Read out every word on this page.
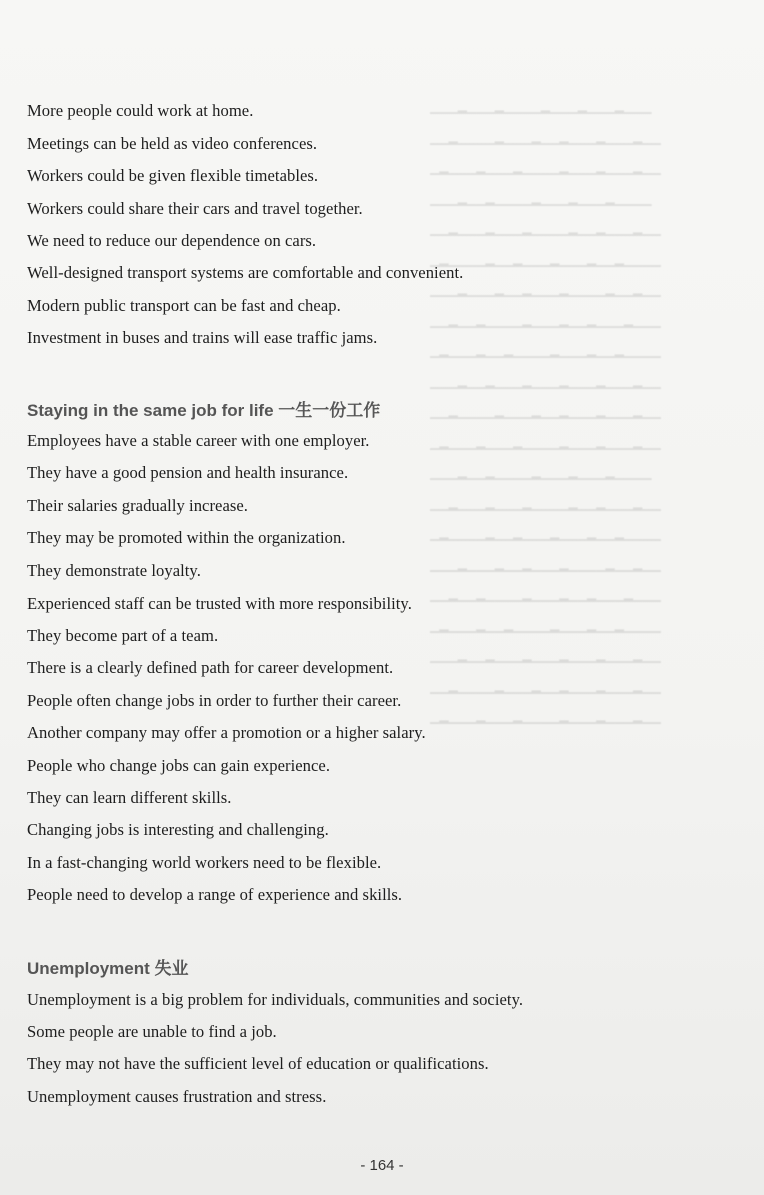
▁▁▁▂▁▁▁▂▁▁▁▁▂▁▁▁▂▁▁▁▂▁▁▁
▁▁▂▁▁▁▁▂▁▁▁▂▁▁▂▁▁▁▂▁▁▁▂▁▁
▁▂▁▁▁▂▁▁▁▂▁▁▁▁▂▁▁▁▂▁▁▁▂▁▁
▁▁▁▂▁▁▂▁▁▁▁▂▁▁▁▂▁▁▁▂▁▁▁▁
▁▁▂▁▁▁▂▁▁▁▂▁▁▁▁▂▁▁▂▁▁▁▂▁▁
▁▂▁▁▁▁▂▁▁▂▁▁▁▂▁▁▁▂▁▁▂▁▁▁▁
▁▁▁▂▁▁▁▂▁▁▂▁▁▁▂▁▁▁▁▂▁▁▂▁▁
▁▁▂▁▁▂▁▁▁▁▂▁▁▁▂▁▁▂▁▁▁▂▁▁▁
▁▂▁▁▁▂▁▁▂▁▁▁▁▂▁▁▁▂▁▁▂▁▁▁▁
▁▁▁▂▁▁▂▁▁▁▂▁▁▁▂▁▁▁▂▁▁▁▂▁▁
▁▁▂▁▁▁▁▂▁▁▁▂▁▁▂▁▁▁▂▁▁▁▂▁▁
▁▂▁▁▁▂▁▁▁▂▁▁▁▁▂▁▁▁▂▁▁▁▂▁▁
▁▁▁▂▁▁▂▁▁▁▁▂▁▁▁▂▁▁▁▂▁▁▁▁
▁▁▂▁▁▁▂▁▁▁▂▁▁▁▁▂▁▁▂▁▁▁▂▁▁
▁▂▁▁▁▁▂▁▁▂▁▁▁▂▁▁▁▂▁▁▂▁▁▁▁
▁▁▁▂▁▁▁▂▁▁▂▁▁▁▂▁▁▁▁▂▁▁▂▁▁
▁▁▂▁▁▂▁▁▁▁▂▁▁▁▂▁▁▂▁▁▁▂▁▁▁
▁▂▁▁▁▂▁▁▂▁▁▁▁▂▁▁▁▂▁▁▂▁▁▁▁
▁▁▁▂▁▁▂▁▁▁▂▁▁▁▂▁▁▁▂▁▁▁▂▁▁
▁▁▂▁▁▁▁▂▁▁▁▂▁▁▂▁▁▁▂▁▁▁▂▁▁
▁▂▁▁▁▂▁▁▁▂▁▁▁▁▂▁▁▁▂▁▁▁▂▁▁
More people could work at home.
Meetings can be held as video conferences.
Workers could be given flexible timetables.
Workers could share their cars and travel together.
We need to reduce our dependence on cars.
Well-designed transport systems are comfortable and convenient.
Modern public transport can be fast and cheap.
Investment in buses and trains will ease traffic jams.
Staying in the same job for life 一生一份工作
Employees have a stable career with one employer.
They have a good pension and health insurance.
Their salaries gradually increase.
They may be promoted within the organization.
They demonstrate loyalty.
Experienced staff can be trusted with more responsibility.
They become part of a team.
There is a clearly defined path for career development.
People often change jobs in order to further their career.
Another company may offer a promotion or a higher salary.
People who change jobs can gain experience.
They can learn different skills.
Changing jobs is interesting and challenging.
In a fast-changing world workers need to be flexible.
People need to develop a range of experience and skills.
Unemployment 失业
Unemployment is a big problem for individuals, communities and society.
Some people are unable to find a job.
They may not have the sufficient level of education or qualifications.
Unemployment causes frustration and stress.
- 164 -
